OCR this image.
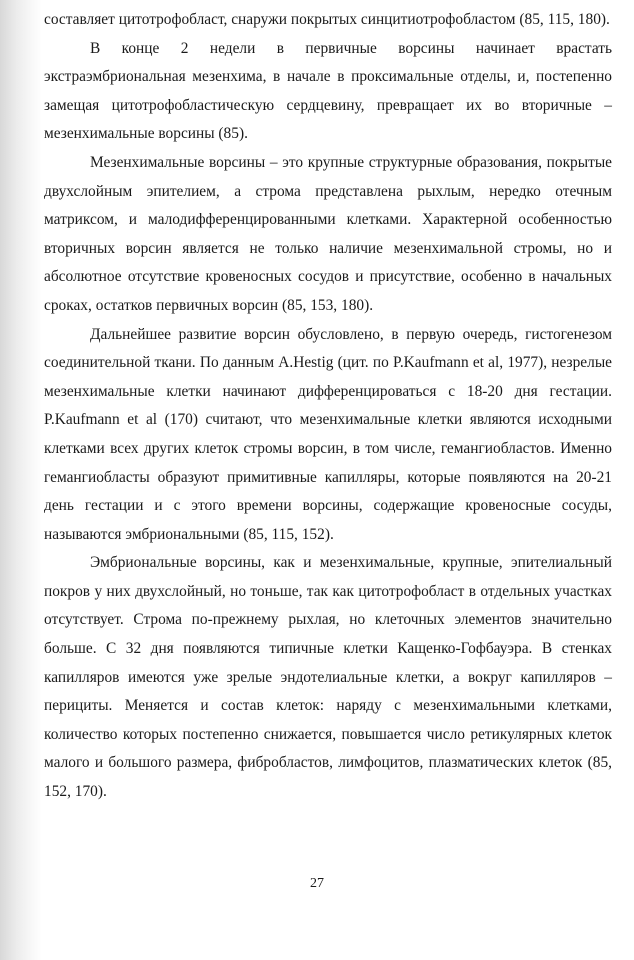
составляет цитотрофобласт, снаружи покрытых синцитиотрофобластом (85, 115, 180).

В конце 2 недели в первичные ворсины начинает врастать экстраэмбриональная мезенхима, в начале в проксимальные отделы, и, постепенно замещая цитотрофобластическую сердцевину, превращает их во вторичные – мезенхимальные ворсины (85).

Мезенхимальные ворсины – это крупные структурные образования, покрытые двухслойным эпителием, а строма представлена рыхлым, нередко отечным матриксом, и малодифференцированными клетками. Характерной особенностью вторичных ворсин является не только наличие мезенхимальной стромы, но и абсолютное отсутствие кровеносных сосудов и присутствие, особенно в начальных сроках, остатков первичных ворсин (85, 153, 180).

Дальнейшее развитие ворсин обусловлено, в первую очередь, гистогенезом соединительной ткани. По данным A.Hestig (цит. по P.Kaufmann et al, 1977), незрелые мезенхимальные клетки начинают дифференцироваться с 18-20 дня гестации. P.Kaufmann et al (170) считают, что мезенхимальные клетки являются исходными клетками всех других клеток стромы ворсин, в том числе, гемангиобластов. Именно гемангиобласты образуют примитивные капилляры, которые появляются на 20-21 день гестации и с этого времени ворсины, содержащие кровеносные сосуды, называются эмбриональными (85, 115, 152).

Эмбриональные ворсины, как и мезенхимальные, крупные, эпителиальный покров у них двухслойный, но тоньше, так как цитотрофобласт в отдельных участках отсутствует. Строма по-прежнему рыхлая, но клеточных элементов значительно больше. С 32 дня появляются типичные клетки Кащенко-Гофбауэра. В стенках капилляров имеются уже зрелые эндотелиальные клетки, а вокруг капилляров – перициты. Меняется и состав клеток: наряду с мезенхимальными клетками, количество которых постепенно снижается, повышается число ретикулярных клеток малого и большого размера, фибробластов, лимфоцитов, плазматических клеток (85, 152, 170).

27
